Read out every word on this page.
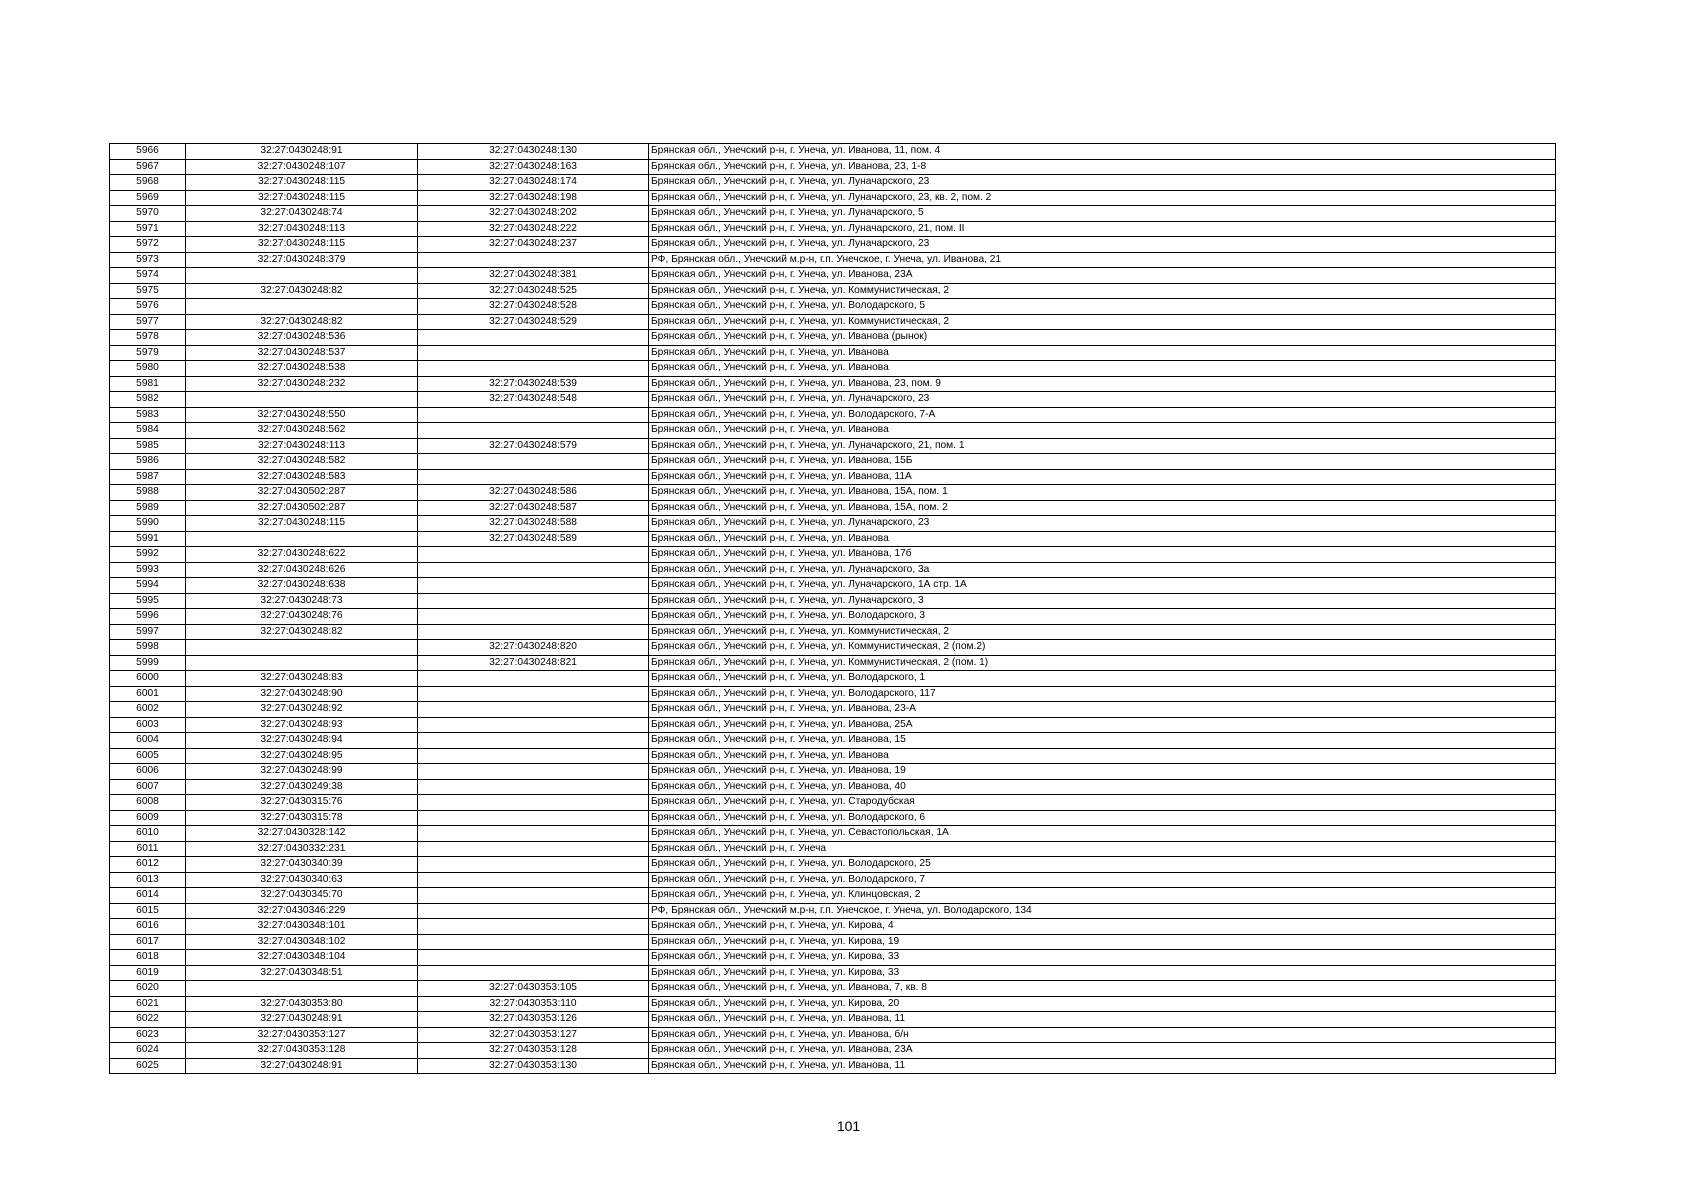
5966	32:27:0430248:91	32:27:0430248:130	Брянская обл., Унечский р-н, г. Унеча, ул. Иванова, 11, пом. 4
5967	32:27:0430248:107	32:27:0430248:163	Брянская обл., Унечский р-н, г. Унеча, ул. Иванова, 23, 1-8
5968	32:27:0430248:115	32:27:0430248:174	Брянская обл., Унечский р-н, г. Унеча, ул. Луначарского, 23
5969	32:27:0430248:115	32:27:0430248:198	Брянская обл., Унечский р-н, г. Унеча, ул. Луначарского, 23, кв. 2, пом. 2
5970	32:27:0430248:74	32:27:0430248:202	Брянская обл., Унечский р-н, г. Унеча, ул. Луначарского, 5
5971	32:27:0430248:113	32:27:0430248:222	Брянская обл., Унечский р-н, г. Унеча, ул. Луначарского, 21, пом. II
5972	32:27:0430248:115	32:27:0430248:237	Брянская обл., Унечский р-н, г. Унеча, ул. Луначарского, 23
5973	32:27:0430248:379		РФ, Брянская обл., Унечский м.р-н, г.п. Унечское, г. Унеча, ул. Иванова, 21
5974		32:27:0430248:381	Брянская обл., Унечский р-н, г. Унеча, ул. Иванова, 23А
5975	32:27:0430248:82	32:27:0430248:525	Брянская обл., Унечский р-н, г. Унеча, ул. Коммунистическая, 2
5976		32:27:0430248:528	Брянская обл., Унечский р-н, г. Унеча, ул. Володарского, 5
5977	32:27:0430248:82	32:27:0430248:529	Брянская обл., Унечский р-н, г. Унеча, ул. Коммунистическая, 2
5978	32:27:0430248:536		Брянская обл., Унечский р-н, г. Унеча, ул. Иванова (рынок)
5979	32:27:0430248:537		Брянская обл., Унечский р-н, г. Унеча, ул. Иванова
5980	32:27:0430248:538		Брянская обл., Унечский р-н, г. Унеча, ул. Иванова
5981	32:27:0430248:232	32:27:0430248:539	Брянская обл., Унечский р-н, г. Унеча, ул. Иванова, 23, пом. 9
5982		32:27:0430248:548	Брянская обл., Унечский р-н, г. Унеча, ул. Луначарского, 23
5983	32:27:0430248:550		Брянская обл., Унечский р-н, г. Унеча, ул. Володарского, 7-А
5984	32:27:0430248:562		Брянская обл., Унечский р-н, г. Унеча, ул. Иванова
5985	32:27:0430248:113	32:27:0430248:579	Брянская обл., Унечский р-н, г. Унеча, ул. Луначарского, 21, пом. 1
5986	32:27:0430248:582		Брянская обл., Унечский р-н, г. Унеча, ул. Иванова, 15Б
5987	32:27:0430248:583		Брянская обл., Унечский р-н, г. Унеча, ул. Иванова, 11А
5988	32:27:0430502:287	32:27:0430248:586	Брянская обл., Унечский р-н, г. Унеча, ул. Иванова, 15А, пом. 1
5989	32:27:0430502:287	32:27:0430248:587	Брянская обл., Унечский р-н, г. Унеча, ул. Иванова, 15А, пом. 2
5990	32:27:0430248:115	32:27:0430248:588	Брянская обл., Унечский р-н, г. Унеча, ул. Луначарского, 23
5991		32:27:0430248:589	Брянская обл., Унечский р-н, г. Унеча, ул. Иванова
5992	32:27:0430248:622		Брянская обл., Унечский р-н, г. Унеча, ул. Иванова, 17б
5993	32:27:0430248:626		Брянская обл., Унечский р-н, г. Унеча, ул. Луначарского, 3а
5994	32:27:0430248:638		Брянская обл., Унечский р-н, г. Унеча, ул. Луначарского, 1А стр. 1А
5995	32:27:0430248:73		Брянская обл., Унечский р-н, г. Унеча, ул. Луначарского, 3
5996	32:27:0430248:76		Брянская обл., Унечский р-н, г. Унеча, ул. Володарского, 3
5997	32:27:0430248:82		Брянская обл., Унечский р-н, г. Унеча, ул. Коммунистическая, 2
5998		32:27:0430248:820	Брянская обл., Унечский р-н, г. Унеча, ул. Коммунистическая, 2 (пом.2)
5999		32:27:0430248:821	Брянская обл., Унечский р-н, г. Унеча, ул. Коммунистическая, 2 (пом. 1)
6000	32:27:0430248:83		Брянская обл., Унечский р-н, г. Унеча, ул. Володарского, 1
6001	32:27:0430248:90		Брянская обл., Унечский р-н, г. Унеча, ул. Володарского, 117
6002	32:27:0430248:92		Брянская обл., Унечский р-н, г. Унеча, ул. Иванова, 23-А
6003	32:27:0430248:93		Брянская обл., Унечский р-н, г. Унеча, ул. Иванова, 25А
6004	32:27:0430248:94		Брянская обл., Унечский р-н, г. Унеча, ул. Иванова, 15
6005	32:27:0430248:95		Брянская обл., Унечский р-н, г. Унеча, ул. Иванова
6006	32:27:0430248:99		Брянская обл., Унечский р-н, г. Унеча, ул. Иванова, 19
6007	32:27:0430249:38		Брянская обл., Унечский р-н, г. Унеча, ул. Иванова, 40
6008	32:27:0430315:76		Брянская обл., Унечский р-н, г. Унеча, ул. Стародубская
6009	32:27:0430315:78		Брянская обл., Унечский р-н, г. Унеча, ул. Володарского, 6
6010	32:27:0430328:142		Брянская обл., Унечский р-н, г. Унеча, ул. Севастопольская, 1А
6011	32:27:0430332:231		Брянская обл., Унечский р-н, г. Унеча
6012	32:27:0430340:39		Брянская обл., Унечский р-н, г. Унеча, ул. Володарского, 25
6013	32:27:0430340:63		Брянская обл., Унечский р-н, г. Унеча, ул. Володарского, 7
6014	32:27:0430345:70		Брянская обл., Унечский р-н, г. Унеча, ул. Клинцовская, 2
6015	32:27:0430346:229		РФ, Брянская обл., Унечский м.р-н, г.п. Унечское, г. Унеча, ул. Володарского, 134
6016	32:27:0430348:101		Брянская обл., Унечский р-н, г. Унеча, ул. Кирова, 4
6017	32:27:0430348:102		Брянская обл., Унечский р-н, г. Унеча, ул. Кирова, 19
6018	32:27:0430348:104		Брянская обл., Унечский р-н, г. Унеча, ул. Кирова, 33
6019	32:27:0430348:51		Брянская обл., Унечский р-н, г. Унеча, ул. Кирова, 33
6020		32:27:0430353:105	Брянская обл., Унечский р-н, г. Унеча, ул. Иванова, 7, кв. 8
6021	32:27:0430353:80	32:27:0430353:110	Брянская обл., Унечский р-н, г. Унеча, ул. Кирова, 20
6022	32:27:0430248:91	32:27:0430353:126	Брянская обл., Унечский р-н, г. Унеча, ул. Иванова, 11
6023	32:27:0430353:127	32:27:0430353:127	Брянская обл., Унечский р-н, г. Унеча, ул. Иванова, б/н
6024	32:27:0430353:128	32:27:0430353:128	Брянская обл., Унечский р-н, г. Унеча, ул. Иванова, 23А
6025	32:27:0430248:91	32:27:0430353:130	Брянская обл., Унечский р-н, г. Унеча, ул. Иванова, 11
101
